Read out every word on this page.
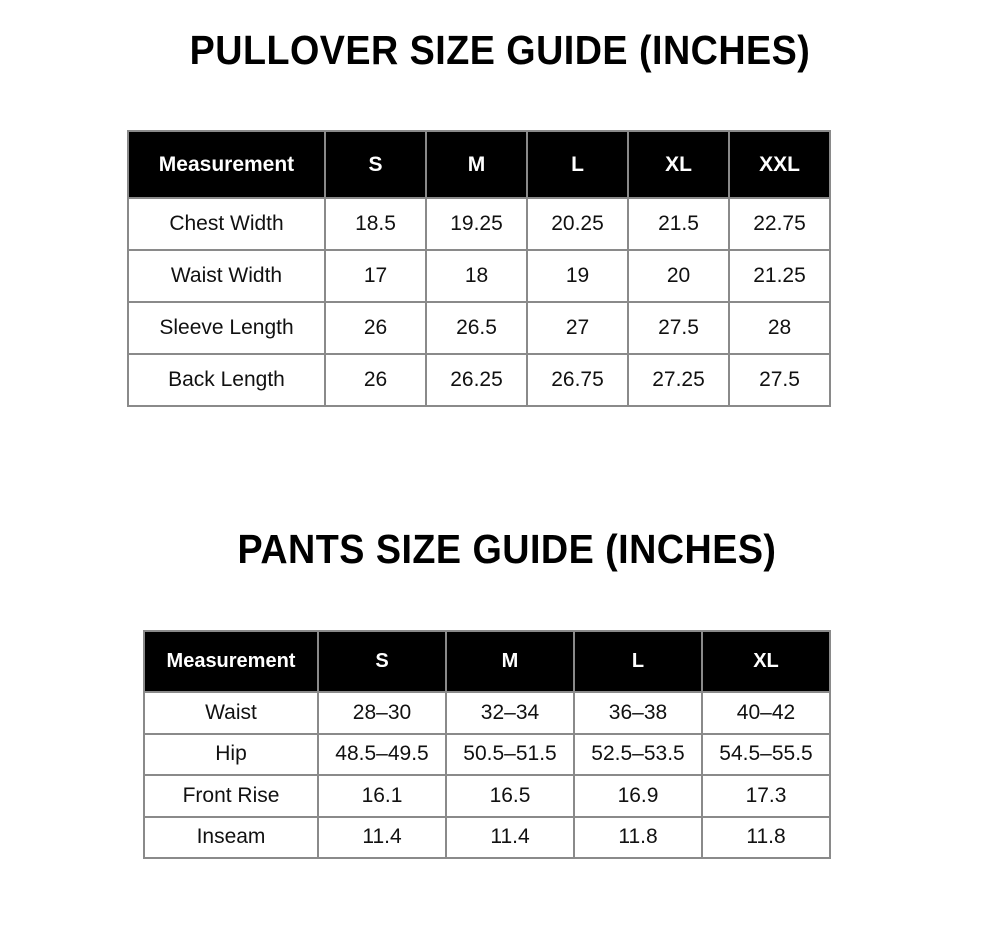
PULLOVER SIZE GUIDE (INCHES)
Measurement	S	M	L	XL	XXL
Chest Width	18.5	19.25	20.25	21.5	22.75
Waist Width	17	18	19	20	21.25
Sleeve Length	26	26.5	27	27.5	28
Back Length	26	26.25	26.75	27.25	27.5
PANTS SIZE GUIDE (INCHES)
Measurement	S	M	L	XL
Waist	28–30	32–34	36–38	40–42
Hip	48.5–49.5	50.5–51.5	52.5–53.5	54.5–55.5
Front Rise	16.1	16.5	16.9	17.3
Inseam	11.4	11.4	11.8	11.8
